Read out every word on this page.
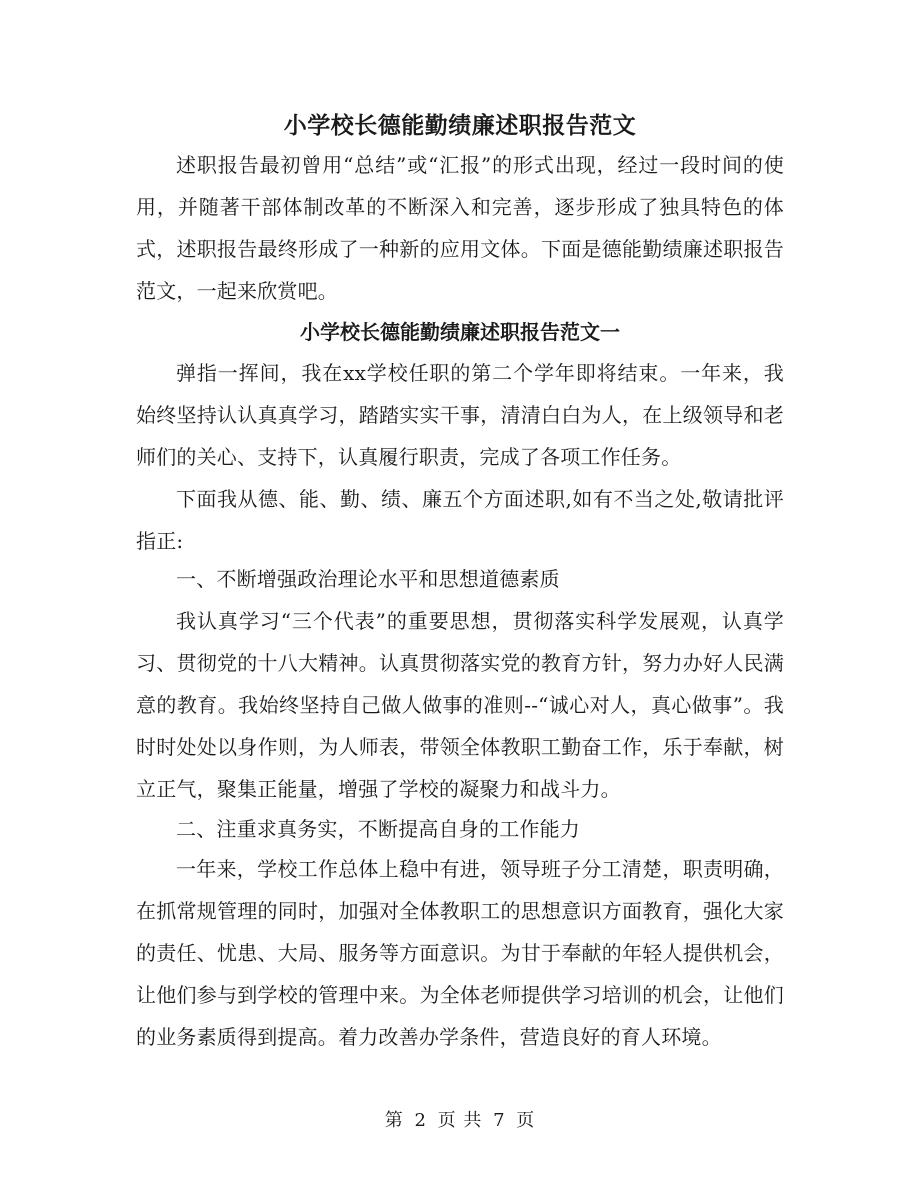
小学校长德能勤绩廉述职报告范文

述职报告最初曾用“总结”或“汇报”的形式出现，经过一段时间的使用，并随著干部体制改革的不断深入和完善，逐步形成了独具特色的体式，述职报告最终形成了一种新的应用文体。下面是德能勤绩廉述职报告范文，一起来欣赏吧。

小学校长德能勤绩廉述职报告范文一

弹指一挥间，我在xx学校任职的第二个学年即将结束。一年来，我始终坚持认认真真学习，踏踏实实干事，清清白白为人，在上级领导和老师们的关心、支持下，认真履行职责，完成了各项工作任务。

下面我从德、能、勤、绩、廉五个方面述职,如有不当之处,敬请批评指正:

一、不断增强政治理论水平和思想道德素质

我认真学习“三个代表”的重要思想，贯彻落实科学发展观，认真学习、贯彻党的十八大精神。认真贯彻落实党的教育方针，努力办好人民满意的教育。我始终坚持自己做人做事的准则--“诚心对人，真心做事”。我时时处处以身作则，为人师表，带领全体教职工勤奋工作，乐于奉献，树立正气，聚集正能量，增强了学校的凝聚力和战斗力。

二、注重求真务实，不断提高自身的工作能力

一年来，学校工作总体上稳中有进，领导班子分工清楚，职责明确，在抓常规管理的同时，加强对全体教职工的思想意识方面教育，强化大家的责任、忧患、大局、服务等方面意识。为甘于奉献的年轻人提供机会，让他们参与到学校的管理中来。为全体老师提供学习培训的机会，让他们的业务素质得到提高。着力改善办学条件，营造良好的育人环境。

第 2 页 共 7 页
